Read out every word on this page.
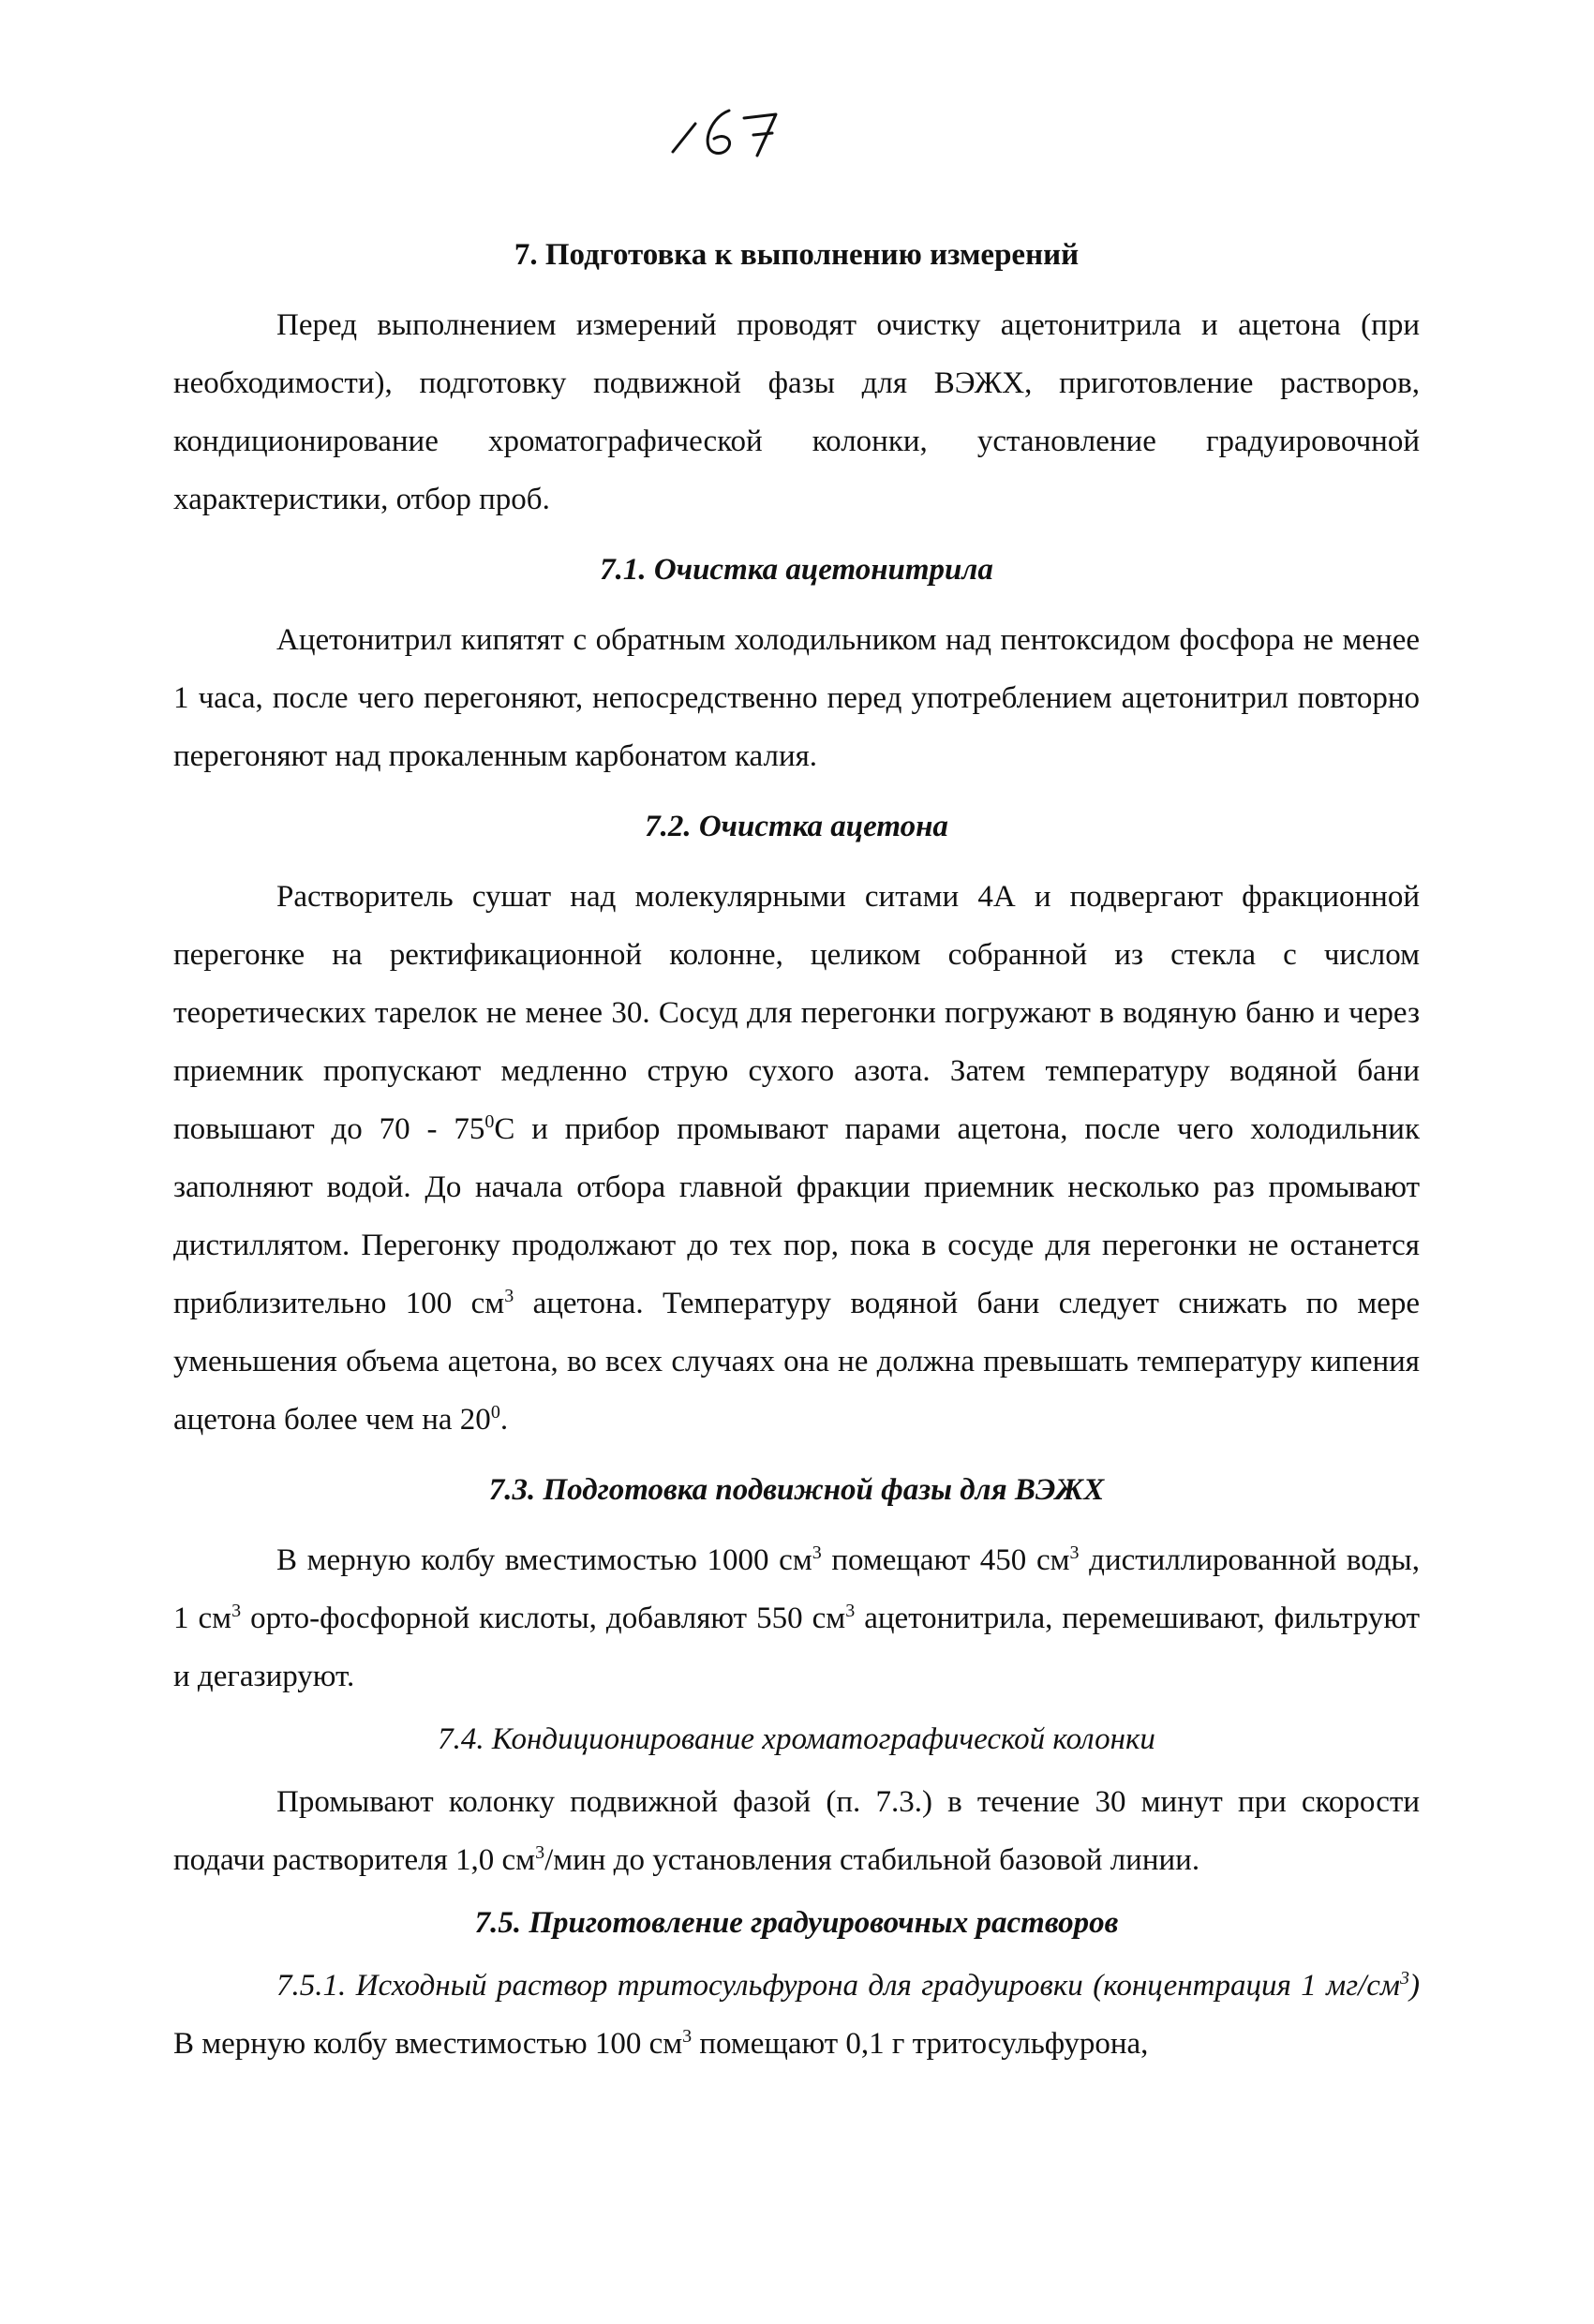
7. Подготовка к выполнению измерений

Перед выполнением измерений проводят очистку ацетонитрила и ацетона (при необходимости), подготовку подвижной фазы для ВЭЖХ, приготовление растворов, кондиционирование хроматографической колонки, установление градуировочной характеристики, отбор проб.

7.1. Очистка ацетонитрила

Ацетонитрил кипятят с обратным холодильником над пентоксидом фосфора не менее 1 часа, после чего перегоняют, непосредственно перед употреблением ацетонитрил повторно перегоняют над прокаленным карбонатом калия.

7.2. Очистка ацетона

Растворитель сушат над молекулярными ситами 4А и подвергают фракционной перегонке на ректификационной колонне, целиком собранной из стекла с числом теоретических тарелок не менее 30. Сосуд для перегонки погружают в водяную баню и через приемник пропускают медленно струю сухого азота. Затем температуру водяной бани повышают до $70 - 75^0С$ и прибор промывают парами ацетона, после чего холодильник заполняют водой. До начала отбора главной фракции приемник несколько раз промывают дистиллятом. Перегонку продолжают до тех пор, пока в сосуде для перегонки не останется приблизительно 100 $см^3$ ацетона. Температуру водяной бани следует снижать по мере уменьшения объема ацетона, во всех случаях она не должна превышать температуру кипения ацетона более чем на $20^0$.

7.3. Подготовка подвижной фазы для ВЭЖХ

В мерную колбу вместимостью 1000 $см^3$ помещают 450 $см^3$ дистиллированной воды, 1 $см^3$ орто-фосфорной кислоты, добавляют 550 $см^3$ ацетонитрила, перемешивают, фильтруют и дегазируют.

7.4. Кондиционирование хроматографической колонки

Промывают колонку подвижной фазой (п. 7.3.) в течение 30 минут при скорости подачи растворителя 1,0 $см^3$/мин до установления стабильной базовой линии.

7.5. Приготовление градуировочных растворов

7.5.1. Исходный раствор тритосульфурона для градуировки (концентрация 1 $мг/см^3$) В мерную колбу вместимостью 100 $см^3$ помещают 0,1 г тритосульфурона,
